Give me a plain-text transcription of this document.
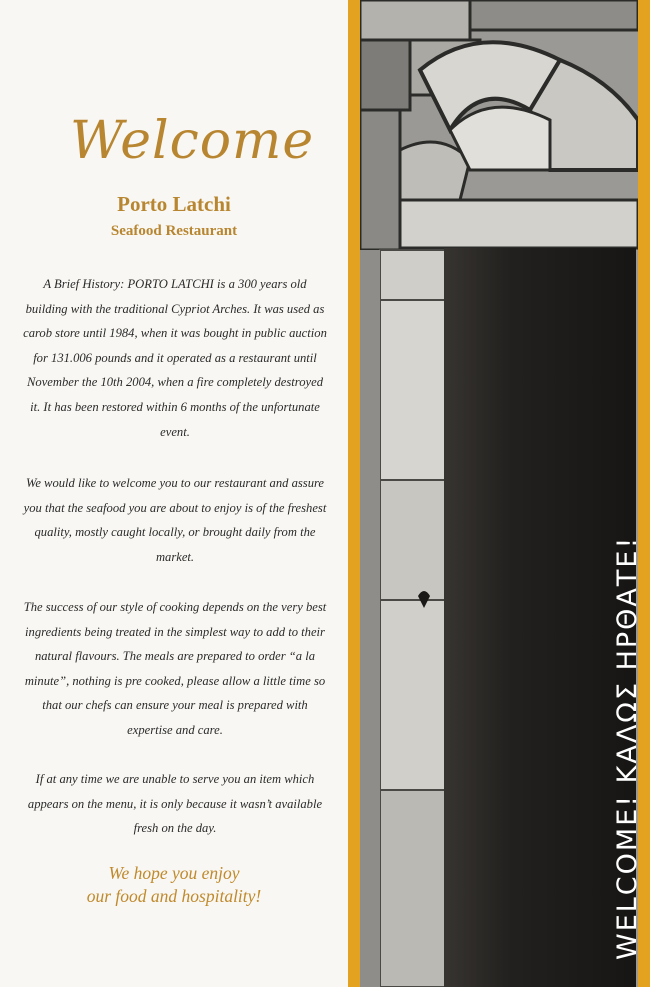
Welcome
Porto Latchi
Seafood Restaurant
A Brief History: PORTO LATCHI is a 300 years old building with the traditional Cypriot Arches. It was used as carob store until 1984, when it was bought in public auction for 131.006 pounds and it operated as a restaurant until November the 10th 2004, when a fire completely destroyed it. It has been restored within 6 months of the unfortunate event.
We would like to welcome you to our restaurant and assure you that the seafood you are about to enjoy is of the freshest quality, mostly caught locally, or brought daily from the market.
The success of our style of cooking depends on the very best ingredients being treated in the simplest way to add to their natural flavours. The meals are prepared to order “a la minute”, nothing is pre cooked, please allow a little time so that our chefs can ensure your meal is prepared with expertise and care.
If at any time we are unable to serve you an item which appears on the menu, it is only because it wasn’t available fresh on the day.
We hope you enjoy
our food and hospitality!	WELCOME! ΚΑΛΩΣ ΗΡΘΑΤΕ!
